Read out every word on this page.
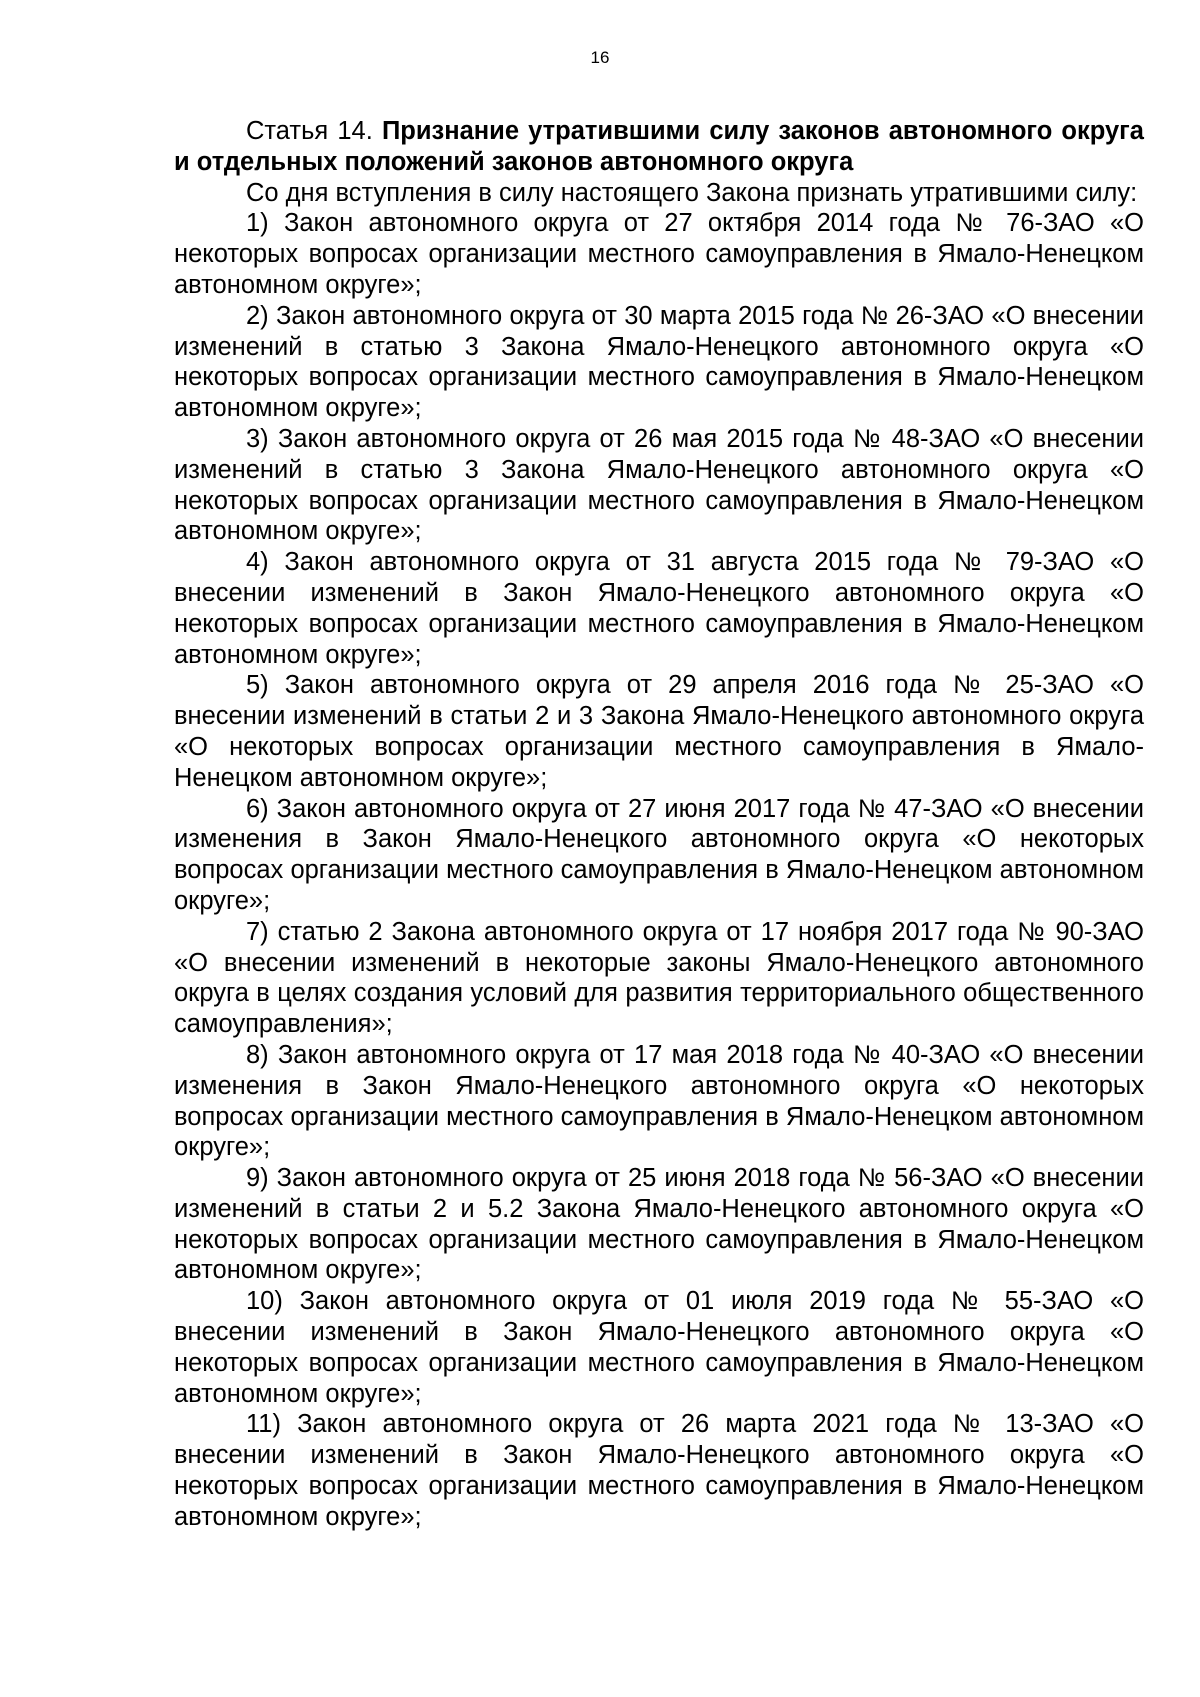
16

Статья 14. Признание утратившими силу законов автономного округа и отдельных положений законов автономного округа

Со дня вступления в силу настоящего Закона признать утратившими силу:

1) Закон автономного округа от 27 октября 2014 года № 76-ЗАО «О некоторых вопросах организации местного самоуправления в Ямало-Ненецком автономном округе»;

2) Закон автономного округа от 30 марта 2015 года № 26-ЗАО «О внесении изменений в статью 3 Закона Ямало-Ненецкого автономного округа «О некоторых вопросах организации местного самоуправления в Ямало-Ненецком автономном округе»;

3) Закон автономного округа от 26 мая 2015 года № 48-ЗАО «О внесении изменений в статью 3 Закона Ямало-Ненецкого автономного округа «О некоторых вопросах организации местного самоуправления в Ямало-Ненецком автономном округе»;

4) Закон автономного округа от 31 августа 2015 года № 79-ЗАО «О внесении изменений в Закон Ямало-Ненецкого автономного округа «О некоторых вопросах организации местного самоуправления в Ямало-Ненецком автономном округе»;

5) Закон автономного округа от 29 апреля 2016 года № 25-ЗАО «О внесении изменений в статьи 2 и 3 Закона Ямало-Ненецкого автономного округа «О некоторых вопросах организации местного самоуправления в Ямало-Ненецком автономном округе»;

6) Закон автономного округа от 27 июня 2017 года № 47-ЗАО «О внесении изменения в Закон Ямало-Ненецкого автономного округа «О некоторых вопросах организации местного самоуправления в Ямало-Ненецком автономном округе»;

7) статью 2 Закона автономного округа от 17 ноября 2017 года № 90-ЗАО «О внесении изменений в некоторые законы Ямало-Ненецкого автономного округа в целях создания условий для развития территориального общественного самоуправления»;

8) Закон автономного округа от 17 мая 2018 года № 40-ЗАО «О внесении изменения в Закон Ямало-Ненецкого автономного округа «О некоторых вопросах организации местного самоуправления в Ямало-Ненецком автономном округе»;

9) Закон автономного округа от 25 июня 2018 года № 56-ЗАО «О внесении изменений в статьи 2 и 5.2 Закона Ямало-Ненецкого автономного округа «О некоторых вопросах организации местного самоуправления в Ямало-Ненецком автономном округе»;

10) Закон автономного округа от 01 июля 2019 года № 55-ЗАО «О внесении изменений в Закон Ямало-Ненецкого автономного округа «О некоторых вопросах организации местного самоуправления в Ямало-Ненецком автономном округе»;

11) Закон автономного округа от 26 марта 2021 года № 13-ЗАО «О внесении изменений в Закон Ямало-Ненецкого автономного округа «О некоторых вопросах организации местного самоуправления в Ямало-Ненецком автономном округе»;
